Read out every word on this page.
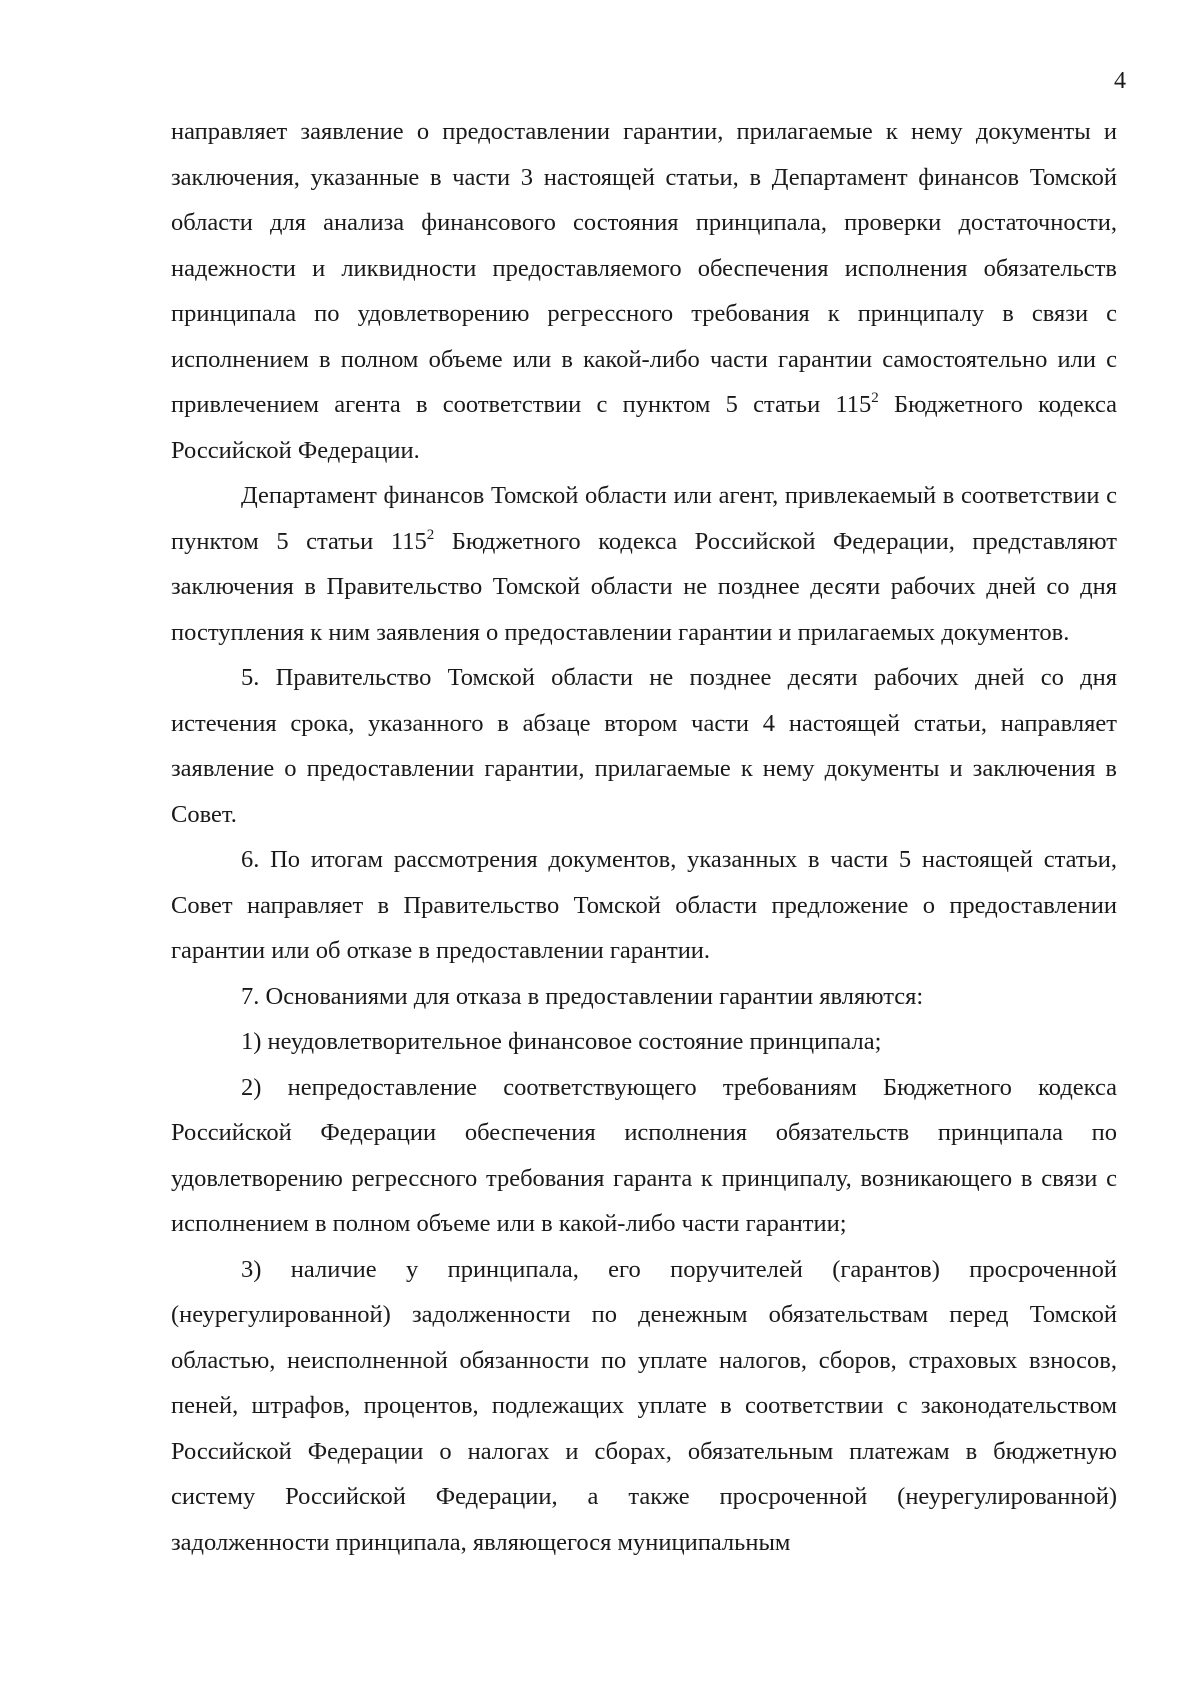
4

направляет заявление о предоставлении гарантии, прилагаемые к нему документы и заключения, указанные в части 3 настоящей статьи, в Департамент финансов Томской области для анализа финансового состояния принципала, проверки достаточности, надежности и ликвидности предоставляемого обеспечения исполнения обязательств принципала по удовлетворению регрессного требования к принципалу в связи с исполнением в полном объеме или в какой-либо части гарантии самостоятельно или с привлечением агента в соответствии с пунктом 5 статьи $115^2$ Бюджетного кодекса Российской Федерации.

Департамент финансов Томской области или агент, привлекаемый в соответствии с пунктом 5 статьи $115^2$ Бюджетного кодекса Российской Федерации, представляют заключения в Правительство Томской области не позднее десяти рабочих дней со дня поступления к ним заявления о предоставлении гарантии и прилагаемых документов.

5. Правительство Томской области не позднее десяти рабочих дней со дня истечения срока, указанного в абзаце втором части 4 настоящей статьи, направляет заявление о предоставлении гарантии, прилагаемые к нему документы и заключения в Совет.

6. По итогам рассмотрения документов, указанных в части 5 настоящей статьи, Совет направляет в Правительство Томской области предложение о предоставлении гарантии или об отказе в предоставлении гарантии.

7. Основаниями для отказа в предоставлении гарантии являются:

1) неудовлетворительное финансовое состояние принципала;

2) непредоставление соответствующего требованиям Бюджетного кодекса Российской Федерации обеспечения исполнения обязательств принципала по удовлетворению регрессного требования гаранта к принципалу, возникающего в связи с исполнением в полном объеме или в какой-либо части гарантии;

3) наличие у принципала, его поручителей (гарантов) просроченной (неурегулированной) задолженности по денежным обязательствам перед Томской областью, неисполненной обязанности по уплате налогов, сборов, страховых взносов, пеней, штрафов, процентов, подлежащих уплате в соответствии с законодательством Российской Федерации о налогах и сборах, обязательным платежам в бюджетную систему Российской Федерации, а также просроченной (неурегулированной) задолженности принципала, являющегося муниципальным
